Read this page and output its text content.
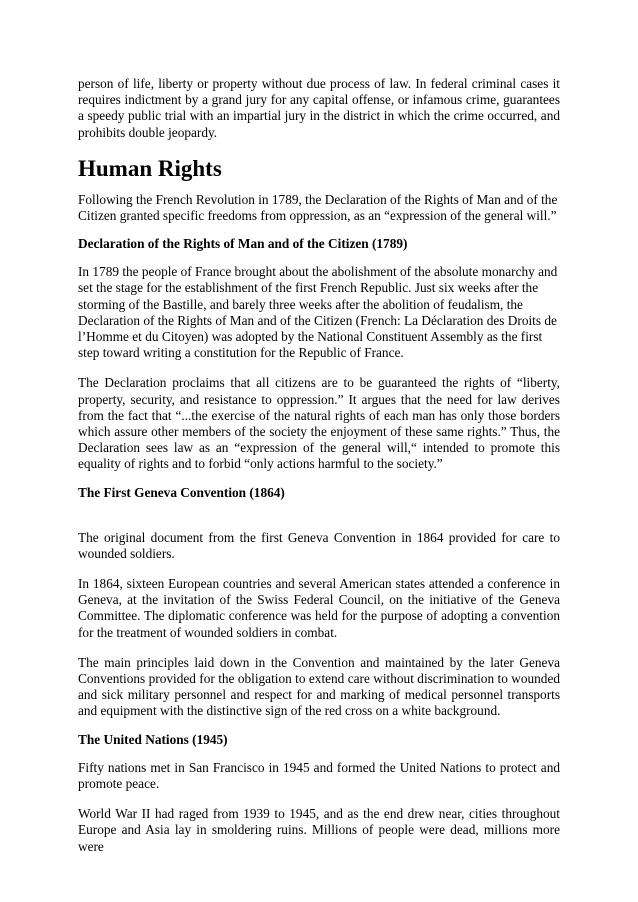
person of life, liberty or property without due process of law. In federal criminal cases it requires indictment by a grand jury for any capital offense, or infamous crime, guarantees a speedy public trial with an impartial jury in the district in which the crime occurred, and prohibits double jeopardy.

Human Rights

Following the French Revolution in 1789, the Declaration of the Rights of Man and of the Citizen granted specific freedoms from oppression, as an “expression of the general will.”

Declaration of the Rights of Man and of the Citizen (1789)

In 1789 the people of France brought about the abolishment of the absolute monarchy and set the stage for the establishment of the first French Republic. Just six weeks after the storming of the Bastille, and barely three weeks after the abolition of feudalism, the Declaration of the Rights of Man and of the Citizen (French: La Déclaration des Droits de l’Homme et du Citoyen) was adopted by the National Constituent Assembly as the first step toward writing a constitution for the Republic of France.

The Declaration proclaims that all citizens are to be guaranteed the rights of “liberty, property, security, and resistance to oppression.” It argues that the need for law derives from the fact that “...the exercise of the natural rights of each man has only those borders which assure other members of the society the enjoyment of these same rights.” Thus, the Declaration sees law as an “expression of the general will,“ intended to promote this equality of rights and to forbid “only actions harmful to the society.”

The First Geneva Convention (1864)

The original document from the first Geneva Convention in 1864 provided for care to wounded soldiers.

In 1864, sixteen European countries and several American states attended a conference in Geneva, at the invitation of the Swiss Federal Council, on the initiative of the Geneva Committee. The diplomatic conference was held for the purpose of adopting a convention for the treatment of wounded soldiers in combat.

The main principles laid down in the Convention and maintained by the later Geneva Conventions provided for the obligation to extend care without discrimination to wounded and sick military personnel and respect for and marking of medical personnel transports and equipment with the distinctive sign of the red cross on a white background.

The United Nations (1945)

Fifty nations met in San Francisco in 1945 and formed the United Nations to protect and promote peace.

World War II had raged from 1939 to 1945, and as the end drew near, cities throughout Europe and Asia lay in smoldering ruins. Millions of people were dead, millions more were
